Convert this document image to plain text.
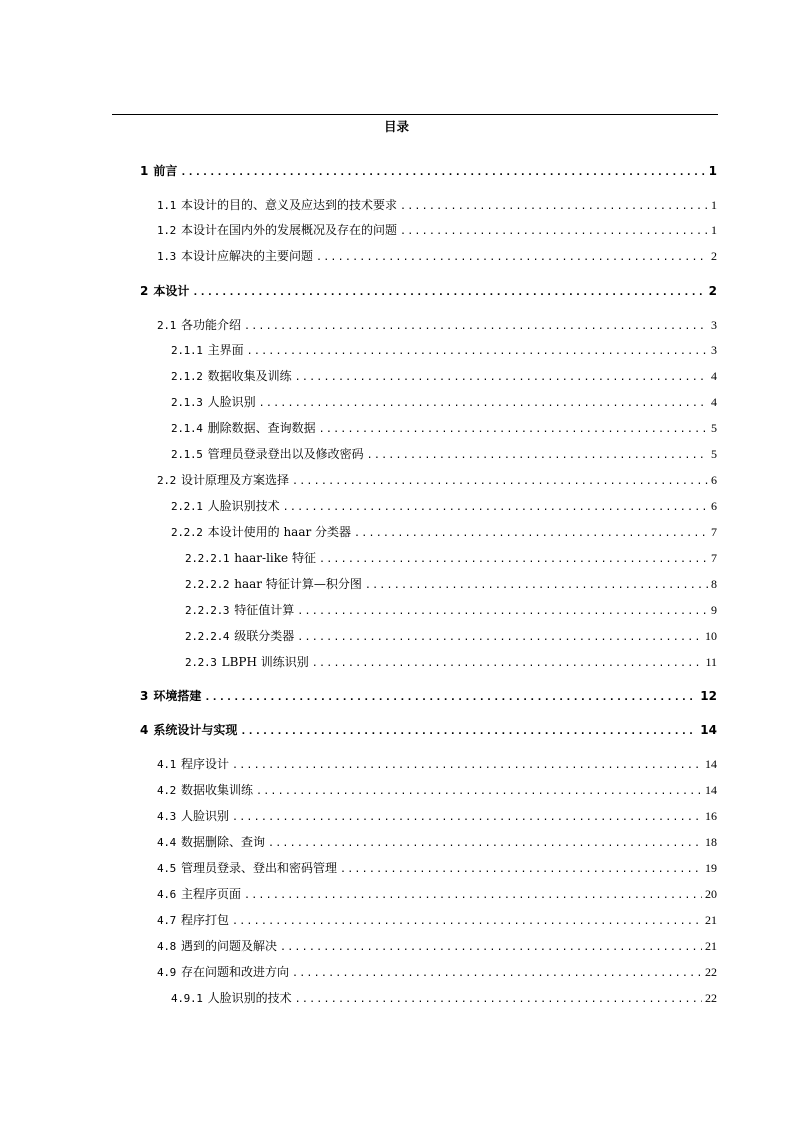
目录
1 前言 .....	1
1.1 本设计的目的、意义及应达到的技术要求 .....	1
1.2 本设计在国内外的发展概况及存在的问题 .....	1
1.3 本设计应解决的主要问题 .....	2
2 本设计 .....	2
2.1 各功能介绍 .....	3
2.1.1 主界面 .....	3
2.1.2 数据收集及训练 .....	4
2.1.3 人脸识别 .....	4
2.1.4 删除数据、查询数据 .....	5
2.1.5 管理员登录登出以及修改密码 .....	5
2.2 设计原理及方案选择 .....	6
2.2.1 人脸识别技术 .....	6
2.2.2 本设计使用的 haar 分类器 .....	7
2.2.2.1 haar-like 特征 .....	7
2.2.2.2 haar 特征计算—积分图 .....	8
2.2.2.3 特征值计算 .....	9
2.2.2.4 级联分类器 .....	10
2.2.3 LBPH 训练识别 .....	11
3 环境搭建 .....	12
4 系统设计与实现 .....	14
4.1 程序设计 .....	14
4.2 数据收集训练 .....	14
4.3 人脸识别 .....	16
4.4 数据删除、查询 .....	18
4.5 管理员登录、登出和密码管理 .....	19
4.6 主程序页面 .....	20
4.7 程序打包 .....	21
4.8 遇到的问题及解决 .....	21
4.9 存在问题和改进方向 .....	22
4.9.1 人脸识别的技术 .....	22
